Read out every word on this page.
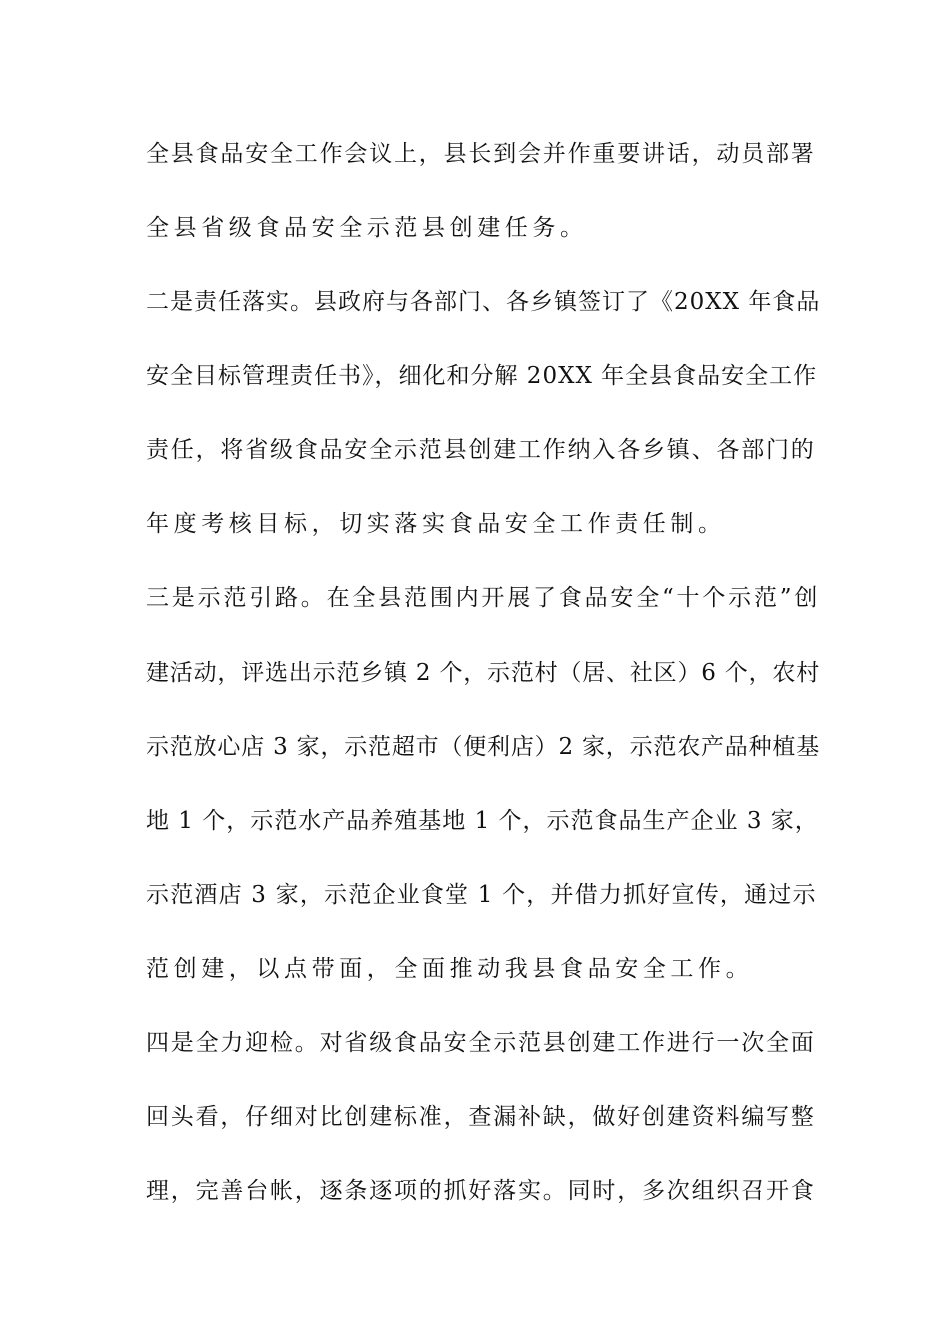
全县食品安全工作会议上，县长到会并作重要讲话，动员部署
全县省级食品安全示范县创建任务。
二是责任落实。县政府与各部门、各乡镇签订了《20XX 年食品
安全目标管理责任书》，细化和分解 20XX 年全县食品安全工作
责任，将省级食品安全示范县创建工作纳入各乡镇、各部门的
年度考核目标，切实落实食品安全工作责任制。
三是示范引路。在全县范围内开展了食品安全“十个示范”创
建活动，评选出示范乡镇 2 个，示范村（居、社区）6 个，农村
示范放心店 3 家，示范超市（便利店）2 家，示范农产品种植基
地 1 个，示范水产品养殖基地 1 个，示范食品生产企业 3 家，
示范酒店 3 家，示范企业食堂 1 个，并借力抓好宣传，通过示
范创建，以点带面，全面推动我县食品安全工作。
四是全力迎检。对省级食品安全示范县创建工作进行一次全面
回头看，仔细对比创建标准，查漏补缺，做好创建资料编写整
理，完善台帐，逐条逐项的抓好落实。同时，多次组织召开食
